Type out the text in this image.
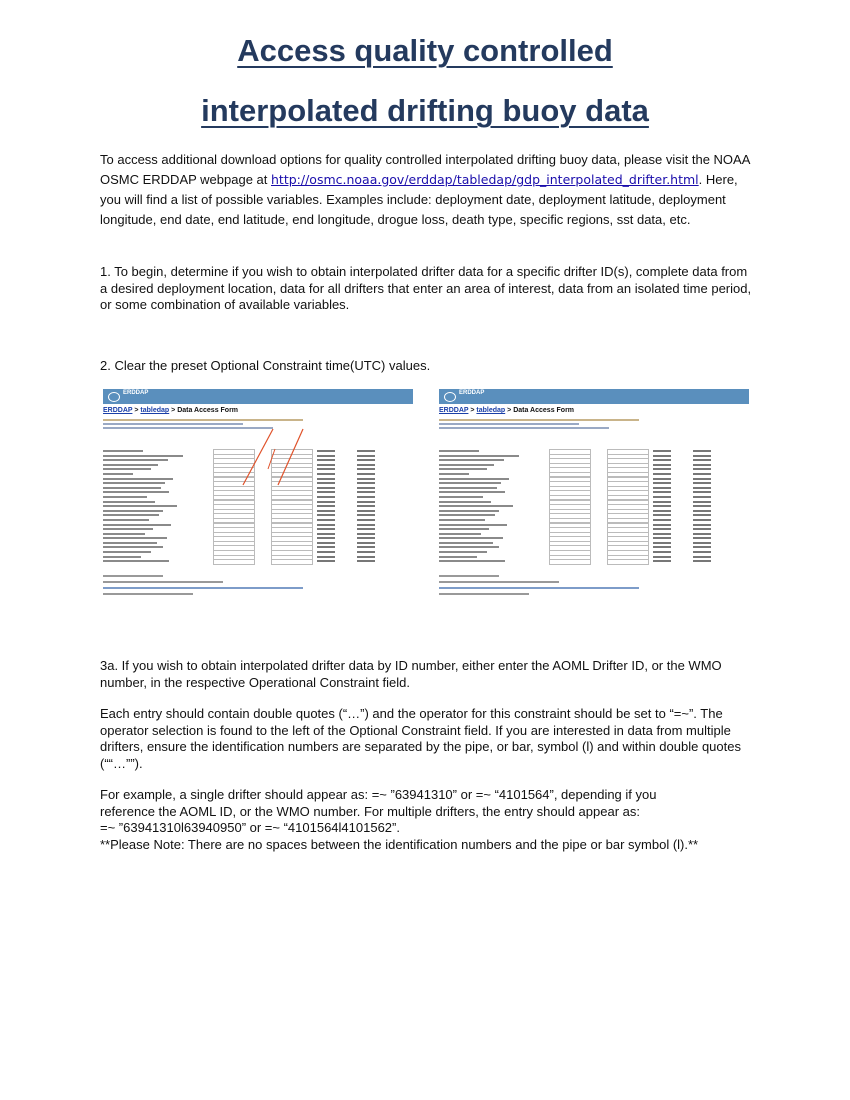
Access quality controlled
interpolated drifting buoy data

To access additional download options for quality controlled interpolated drifting buoy data, please visit the NOAA OSMC ERDDAP webpage at http://osmc.noaa.gov/erddap/tabledap/gdp_interpolated_drifter.html. Here, you will find a list of possible variables. Examples include: deployment date, deployment latitude, deployment longitude, end date, end latitude, end longitude, drogue loss, death type, specific regions, sst data, etc.

1. To begin, determine if you wish to obtain interpolated drifter data for a specific drifter ID(s), complete data from a desired deployment location, data for all drifters that enter an area of interest, data from an isolated time period, or some combination of available variables.

2. Clear the preset Optional Constraint time(UTC) values.

ERDDAP
ERDDAP > tabledap > Data Access Form
ERDDAP
ERDDAP > tabledap > Data Access Form

3a. If you wish to obtain interpolated drifter data by ID number, either enter the AOML Drifter ID, or the WMO number, in the respective Operational Constraint field.

Each entry should contain double quotes (“…”) and the operator for this constraint should be set to “=~”. The operator selection is found to the left of the Optional Constraint field. If you are interested in data from multiple drifters, ensure the identification numbers are separated by the pipe, or bar, symbol (l) and within double quotes (““…””).

For example, a single drifter should appear as: =~ ”63941310” or =~ “4101564”, depending if you
reference the AOML ID, or the WMO number. For multiple drifters, the entry should appear as:
=~ ”63941310l63940950” or =~ “4101564l4101562”.
**Please Note: There are no spaces between the identification numbers and the pipe or bar symbol (l).**
